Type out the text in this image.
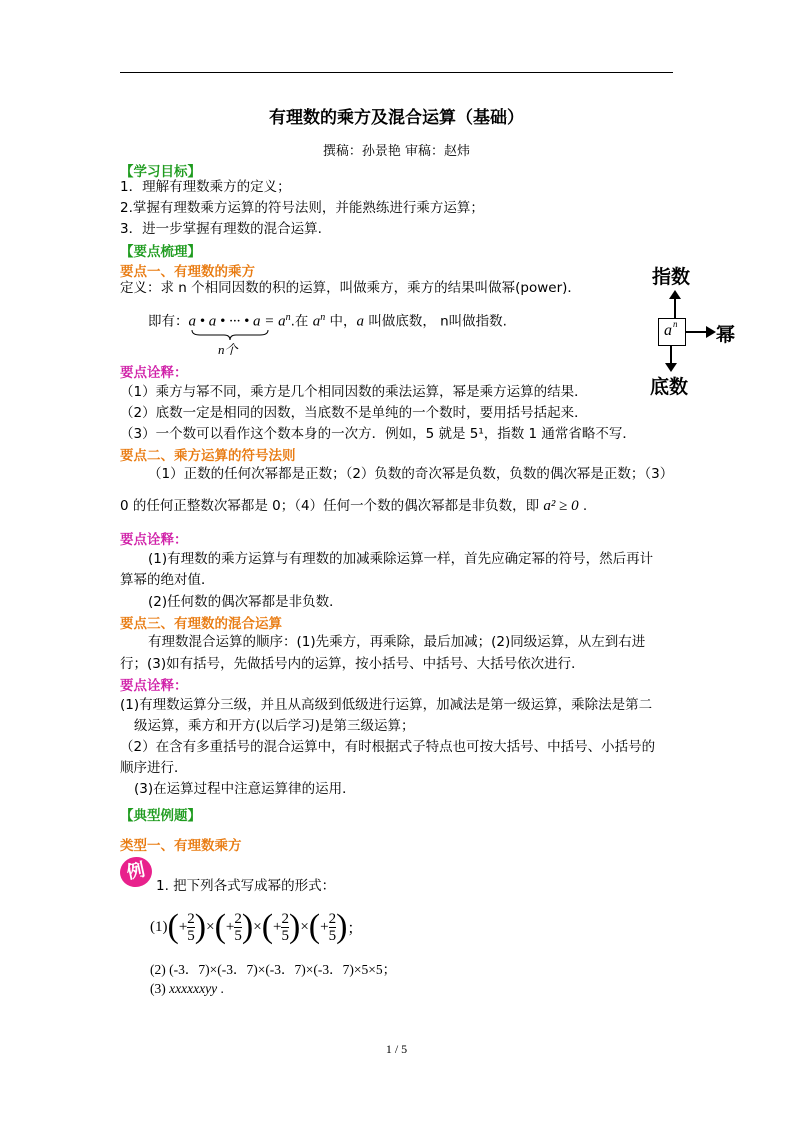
有理数的乘方及混合运算（基础）
撰稿：孙景艳 审稿：赵炜
【学习目标】
1．理解有理数乘方的定义；
2.掌握有理数乘方运算的符号法则，并能熟练进行乘方运算；
3．进一步掌握有理数的混合运算.
【要点梳理】
要点一、有理数的乘方
定义：求 n 个相同因数的积的运算，叫做乘方，乘方的结果叫做幂(power)．
即有：a • a • ··· • $a = a^n$.在 $a^n$ 中，a 叫做底数， n叫做指数.
n个
指数
a n 幂
底数
要点诠释：
（1）乘方与幂不同，乘方是几个相同因数的乘法运算，幂是乘方运算的结果．
（2）底数一定是相同的因数，当底数不是单纯的一个数时，要用括号括起来．
（3）一个数可以看作这个数本身的一次方．例如，5 就是 5¹，指数 1 通常省略不写．
要点二、乘方运算的符号法则
（1）正数的任何次幂都是正数；（2）负数的奇次幂是负数，负数的偶次幂是正数；（3）
0 的任何正整数次幂都是 0；（4）任何一个数的偶次幂都是非负数，即 a² ≥ 0 .
要点诠释：
(1)有理数的乘方运算与有理数的加减乘除运算一样，首先应确定幂的符号，然后再计
算幂的绝对值．
(2)任何数的偶次幂都是非负数．
要点三、有理数的混合运算
有理数混合运算的顺序：(1)先乘方，再乘除，最后加减；(2)同级运算，从左到右进
行；(3)如有括号，先做括号内的运算，按小括号、中括号、大括号依次进行．
要点诠释：
(1)有理数运算分三级，并且从高级到低级进行运算，加减法是第一级运算，乘除法是第二
级运算，乘方和开方(以后学习)是第三级运算；
（2）在含有多重括号的混合运算中，有时根据式子特点也可按大括号、中括号、小括号的
顺序进行．
(3)在运算过程中注意运算律的运用．
【典型例题】
类型一、有理数乘方
例
1. 把下列各式写成幂的形式：
(1) ( + $\frac{2}{5}$ ) × ( + $\frac{2}{5}$ ) × ( + $\frac{2}{5}$ ) × ( + $\frac{2}{5}$ ) ；
(2) (-3．7)×(-3．7)×(-3．7)×(-3．7)×5×5；
(3) xxxxxxyy .
1 / 5
